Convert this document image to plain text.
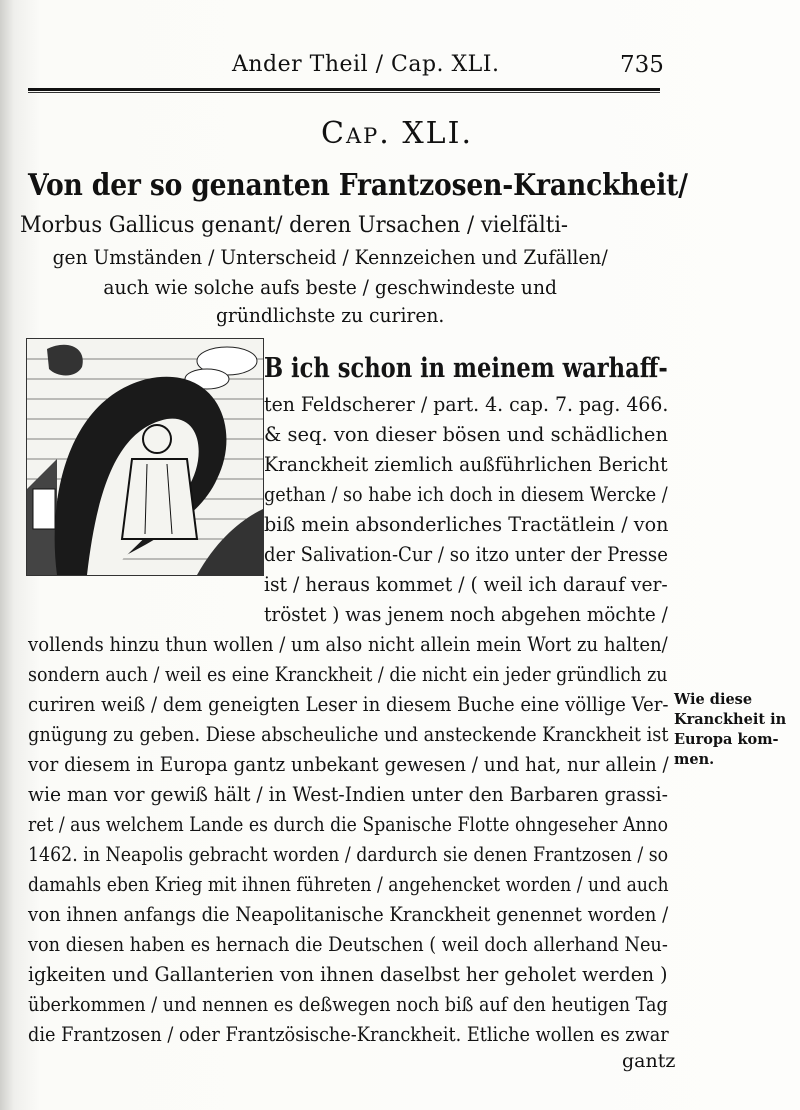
Ander Theil / Cap. XLI.	735
Cap. XLI.
Von der so genanten Frantzosen-Kranckheit/
Morbus Gallicus genant/ deren Ursachen / vielfälti-
gen Umständen / Unterscheid / Kennzeichen und Zufällen/
auch wie solche aufs beste / geschwindeste und
gründlichste zu curiren.
B ich schon in meinem warhaff-
ten Feldscherer / part. 4. cap. 7. pag. 466.
& seq. von dieser bösen und schädlichen
Kranckheit ziemlich außführlichen Bericht
gethan / so habe ich doch in diesem Wercke /
biß mein absonderliches Tractätlein / von
der Salivation-Cur / so itzo unter der Presse
ist / heraus kommet / ( weil ich darauf ver-
tröstet ) was jenem noch abgehen möchte /
vollends hinzu thun wollen / um also nicht allein mein Wort zu halten/
sondern auch / weil es eine Kranckheit / die nicht ein jeder gründlich zu
curiren weiß / dem geneigten Leser in diesem Buche eine völlige Ver-
gnügung zu geben. Diese abscheuliche und ansteckende Kranckheit ist
vor diesem in Europa gantz unbekant gewesen / und hat, nur allein /
wie man vor gewiß hält / in West-Indien unter den Barbaren grassi-
ret / aus welchem Lande es durch die Spanische Flotte ohngeseher Anno
1462. in Neapolis gebracht worden / dardurch sie denen Frantzosen / so
damahls eben Krieg mit ihnen führeten / angehencket worden / und auch
von ihnen anfangs die Neapolitanische Kranckheit genennet worden /
von diesen haben es hernach die Deutschen ( weil doch allerhand Neu-
igkeiten und Gallanterien von ihnen daselbst her geholet werden )
überkommen / und nennen es deßwegen noch biß auf den heutigen Tag
die Frantzosen / oder Frantzösische-Kranckheit. Etliche wollen es zwar
Wie diese
Kranckheit in
Europa kom-
men.
gantz
